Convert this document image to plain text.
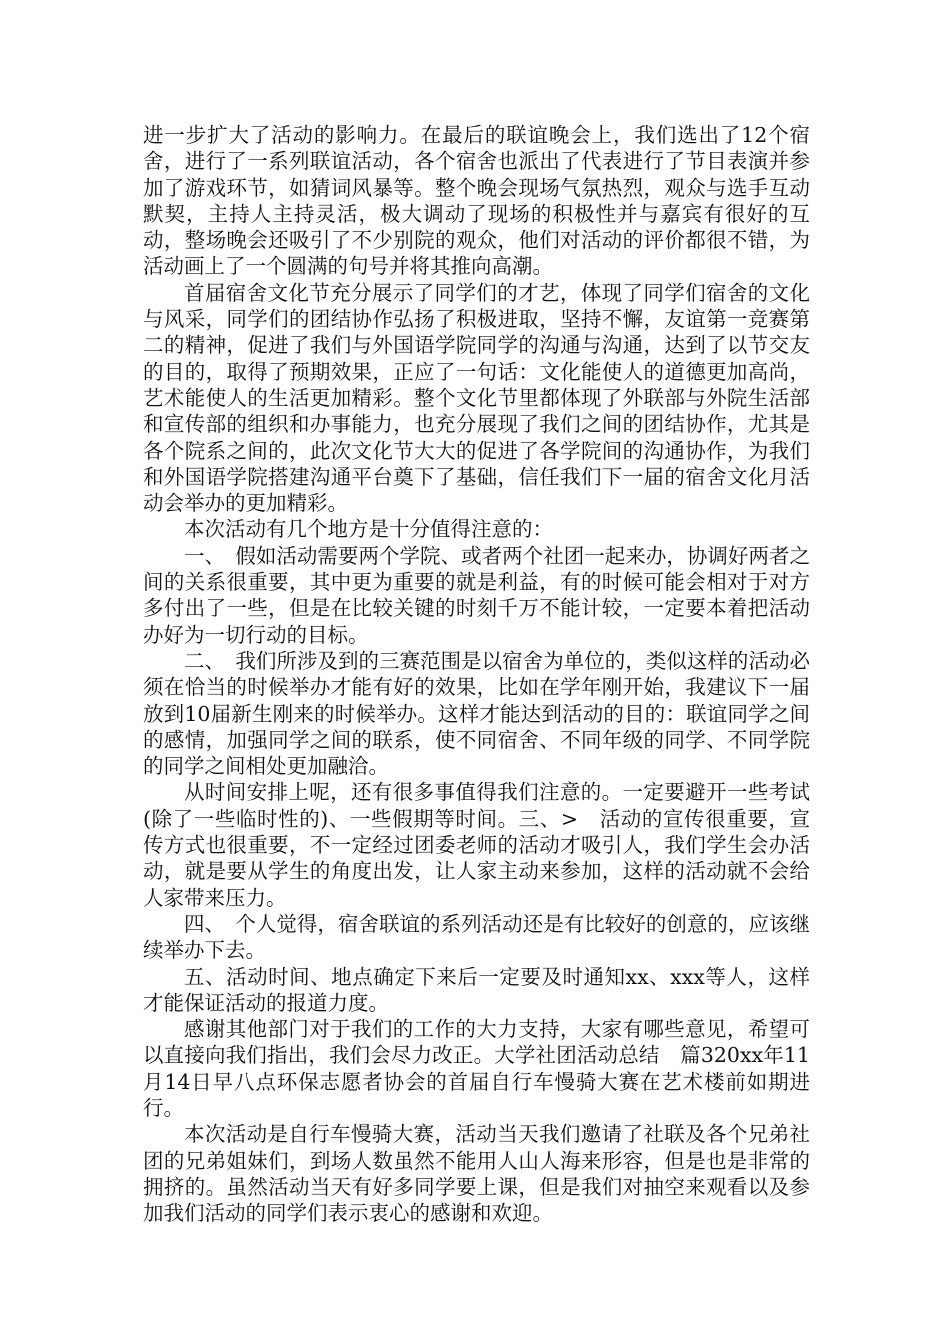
进一步扩大了活动的影响力。在最后的联谊晚会上，我们选出了12个宿舍，进行了一系列联谊活动，各个宿舍也派出了代表进行了节目表演并参加了游戏环节，如猜词风暴等。整个晚会现场气氛热烈，观众与选手互动默契，主持人主持灵活，极大调动了现场的积极性并与嘉宾有很好的互动，整场晚会还吸引了不少别院的观众，他们对活动的评价都很不错，为活动画上了一个圆满的句号并将其推向高潮。

首届宿舍文化节充分展示了同学们的才艺，体现了同学们宿舍的文化与风采，同学们的团结协作弘扬了积极进取，坚持不懈，友谊第一竞赛第二的精神，促进了我们与外国语学院同学的沟通与沟通，达到了以节交友的目的，取得了预期效果，正应了一句话：文化能使人的道德更加高尚，艺术能使人的生活更加精彩。整个文化节里都体现了外联部与外院生活部和宣传部的组织和办事能力，也充分展现了我们之间的团结协作，尤其是各个院系之间的，此次文化节大大的促进了各学院间的沟通协作，为我们和外国语学院搭建沟通平台奠下了基础，信任我们下一届的宿舍文化月活动会举办的更加精彩。

本次活动有几个地方是十分值得注意的：

一、　假如活动需要两个学院、或者两个社团一起来办，协调好两者之间的关系很重要，其中更为重要的就是利益，有的时候可能会相对于对方多付出了一些，但是在比较关键的时刻千万不能计较，一定要本着把活动办好为一切行动的目标。

二、　我们所涉及到的三赛范围是以宿舍为单位的，类似这样的活动必须在恰当的时候举办才能有好的效果，比如在学年刚开始，我建议下一届放到10届新生刚来的时候举办。这样才能达到活动的目的：联谊同学之间的感情，加强同学之间的联系，使不同宿舍、不同年级的同学、不同学院的同学之间相处更加融洽。

从时间安排上呢，还有很多事值得我们注意的。一定要避开一些考试(除了一些临时性的)、一些假期等时间。三、>　活动的宣传很重要，宣传方式也很重要，不一定经过团委老师的活动才吸引人，我们学生会办活动，就是要从学生的角度出发，让人家主动来参加，这样的活动就不会给人家带来压力。

四、　个人觉得，宿舍联谊的系列活动还是有比较好的创意的，应该继续举办下去。

五、活动时间、地点确定下来后一定要及时通知xx、xxx等人，这样才能保证活动的报道力度。

感谢其他部门对于我们的工作的大力支持，大家有哪些意见，希望可以直接向我们指出，我们会尽力改正。大学社团活动总结　篇320xx年11月14日早八点环保志愿者协会的首届自行车慢骑大赛在艺术楼前如期进行。

本次活动是自行车慢骑大赛，活动当天我们邀请了社联及各个兄弟社团的兄弟姐妹们，到场人数虽然不能用人山人海来形容，但是也是非常的拥挤的。虽然活动当天有好多同学要上课，但是我们对抽空来观看以及参加我们活动的同学们表示衷心的感谢和欢迎。
